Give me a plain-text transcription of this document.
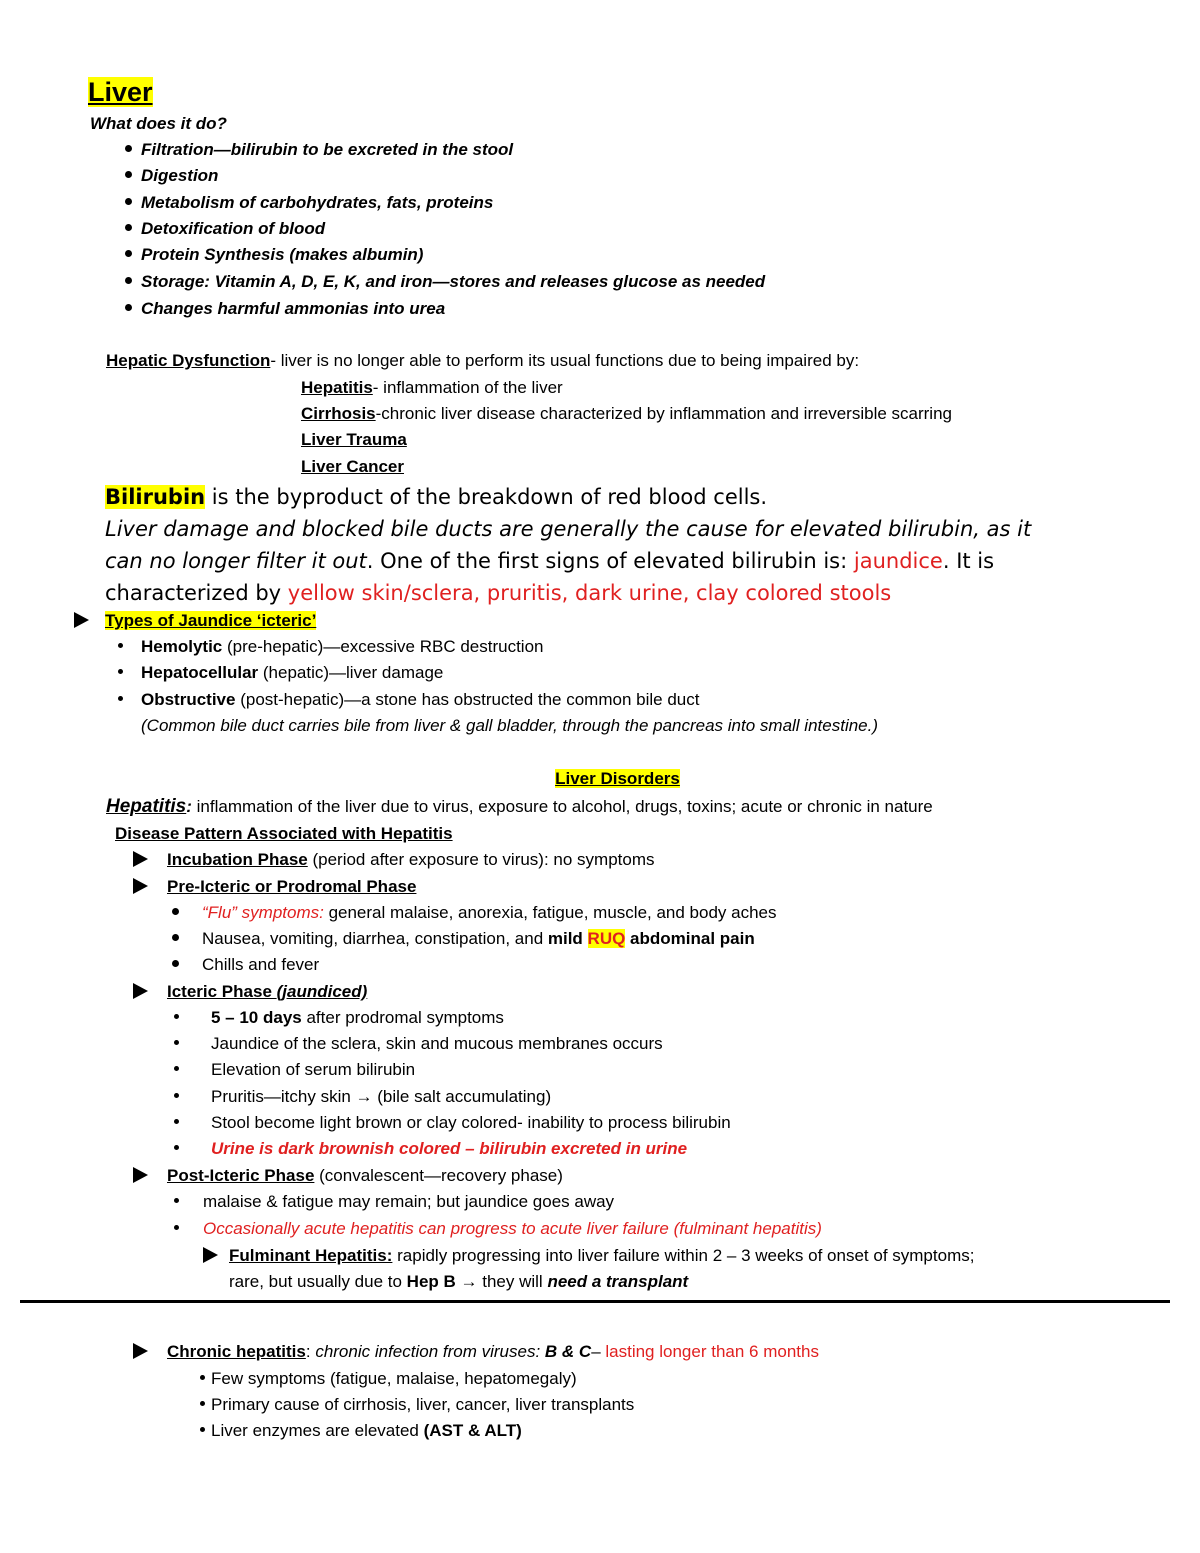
Liver
What does it do?
Filtration—bilirubin to be excreted in the stool
Digestion
Metabolism of carbohydrates, fats, proteins
Detoxification of blood
Protein Synthesis (makes albumin)
Storage: Vitamin A, D, E, K, and iron—stores and releases glucose as needed
Changes harmful ammonias into urea
Hepatic Dysfunction- liver is no longer able to perform its usual functions due to being impaired by:
Hepatitis- inflammation of the liver
Cirrhosis-chronic liver disease characterized by inflammation and irreversible scarring
Liver Trauma
Liver Cancer
Bilirubin is the byproduct of the breakdown of red blood cells.
Liver damage and blocked bile ducts are generally the cause for elevated bilirubin, as it
can no longer filter it out. One of the first signs of elevated bilirubin is: jaundice. It is
characterized by yellow skin/sclera, pruritis, dark urine, clay colored stools
Types of Jaundice ‘icteric’
Hemolytic (pre-hepatic)—excessive RBC destruction
Hepatocellular (hepatic)—liver damage
Obstructive (post-hepatic)—a stone has obstructed the common bile duct
(Common bile duct carries bile from liver & gall bladder, through the pancreas into small intestine.)
Liver Disorders
Hepatitis: inflammation of the liver due to virus, exposure to alcohol, drugs, toxins; acute or chronic in nature
Disease Pattern Associated with Hepatitis
Incubation Phase (period after exposure to virus): no symptoms
Pre-Icteric or Prodromal Phase
“Flu” symptoms: general malaise, anorexia, fatigue, muscle, and body aches
Nausea, vomiting, diarrhea, constipation, and mild RUQ abdominal pain
Chills and fever
Icteric Phase (jaundiced)
5 – 10 days after prodromal symptoms
Jaundice of the sclera, skin and mucous membranes occurs
Elevation of serum bilirubin
Pruritis—itchy skin → (bile salt accumulating)
Stool become light brown or clay colored- inability to process bilirubin
Urine is dark brownish colored – bilirubin excreted in urine
Post-Icteric Phase (convalescent—recovery phase)
malaise & fatigue may remain; but jaundice goes away
Occasionally acute hepatitis can progress to acute liver failure (fulminant hepatitis)
Fulminant Hepatitis: rapidly progressing into liver failure within 2 – 3 weeks of onset of symptoms;
rare, but usually due to Hep B → they will need a transplant
Chronic hepatitis: chronic infection from viruses: B & C– lasting longer than 6 months
Few symptoms (fatigue, malaise, hepatomegaly)
Primary cause of cirrhosis, liver, cancer, liver transplants
Liver enzymes are elevated (AST & ALT)
